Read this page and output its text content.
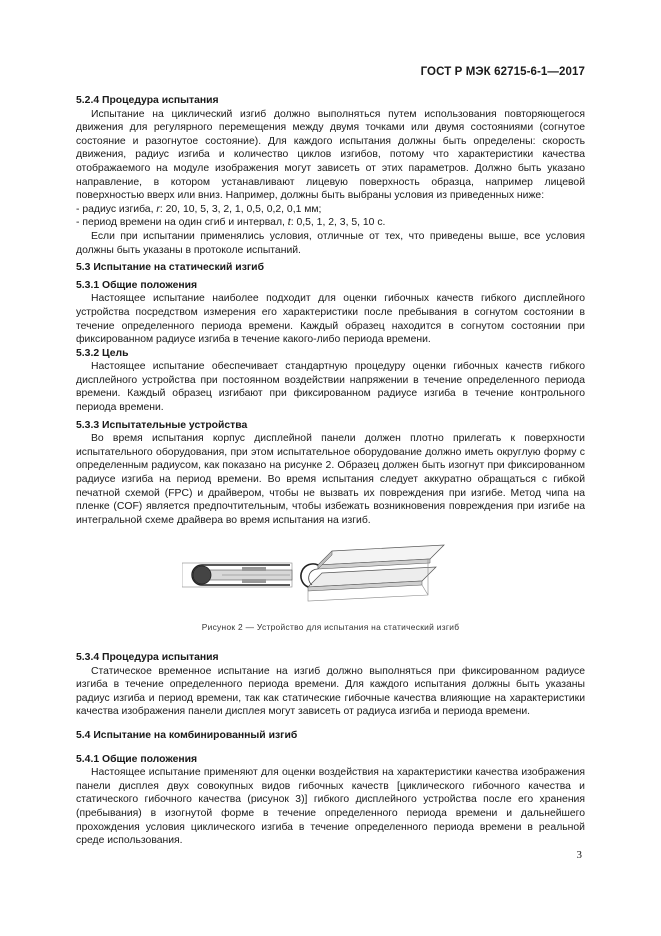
ГОСТ Р МЭК 62715-6-1—2017
5.2.4 Процедура испытания

Испытание на циклический изгиб должно выполняться путем использования повторяющегося движения для регулярного перемещения между двумя точками или двумя состояниями (согнутое состояние и разогнутое состояние). Для каждого испытания должны быть определены: скорость движения, радиус изгиба и количество циклов изгибов, потому что характеристики качества отображаемого на модуле изображения могут зависеть от этих параметров. Должно быть указано направление, в котором устанавливают лицевую поверхность образца, например лицевой поверхностью вверх или вниз. Например, должны быть выбраны условия из приведенных ниже:

- радиус изгиба, r: 20, 10, 5, 3, 2, 1, 0,5, 0,2, 0,1 мм;
- период времени на один сгиб и интервал, t: 0,5, 1, 2, 3, 5, 10 с.

Если при испытании применялись условия, отличные от тех, что приведены выше, все условия должны быть указаны в протоколе испытаний.

5.3 Испытание на статический изгиб
5.3.1 Общие положения

Настоящее испытание наиболее подходит для оценки гибочных качеств гибкого дисплейного устройства посредством измерения его характеристики после пребывания в согнутом состоянии в течение определенного периода времени. Каждый образец находится в согнутом состоянии при фиксированном радиусе изгиба в течение какого-либо периода времени.

5.3.2 Цель

Настоящее испытание обеспечивает стандартную процедуру оценки гибочных качеств гибкого дисплейного устройства при постоянном воздействии напряжении в течение определенного периода времени. Каждый образец изгибают при фиксированном радиусе изгиба в течение контрольного периода времени.

5.3.3 Испытательные устройства

Во время испытания корпус дисплейной панели должен плотно прилегать к поверхности испытательного оборудования, при этом испытательное оборудование должно иметь округлую форму с определенным радиусом, как показано на рисунке 2. Образец должен быть изогнут при фиксированном радиусе изгиба на период времени. Во время испытания следует аккуратно обращаться с гибкой печатной схемой (FPC) и драйвером, чтобы не вызвать их повреждения при изгибе. Метод чипа на пленке (COF) является предпочтительным, чтобы избежать возникновения повреждения при изгибе на интегральной схеме драйвера во время испытания на изгиб.

Рисунок 2 — Устройство для испытания на статический изгиб
5.3.4 Процедура испытания

Статическое временное испытание на изгиб должно выполняться при фиксированном радиусе изгиба в течение определенного периода времени. Для каждого испытания должны быть указаны радиус изгиба и период времени, так как статические гибочные качества влияющие на характеристики качества изображения панели дисплея могут зависеть от радиуса изгиба и периода времени.

5.4 Испытание на комбинированный изгиб
5.4.1 Общие положения

Настоящее испытание применяют для оценки воздействия на характеристики качества изображения панели дисплея двух совокупных видов гибочных качеств [циклического гибочного качества и статического гибочного качества (рисунок 3)] гибкого дисплейного устройства после его хранения (пребывания) в изогнутой форме в течение определенного периода времени и дальнейшего прохождения условия циклического изгиба в течение определенного периода времени в реальной среде использования.

3
